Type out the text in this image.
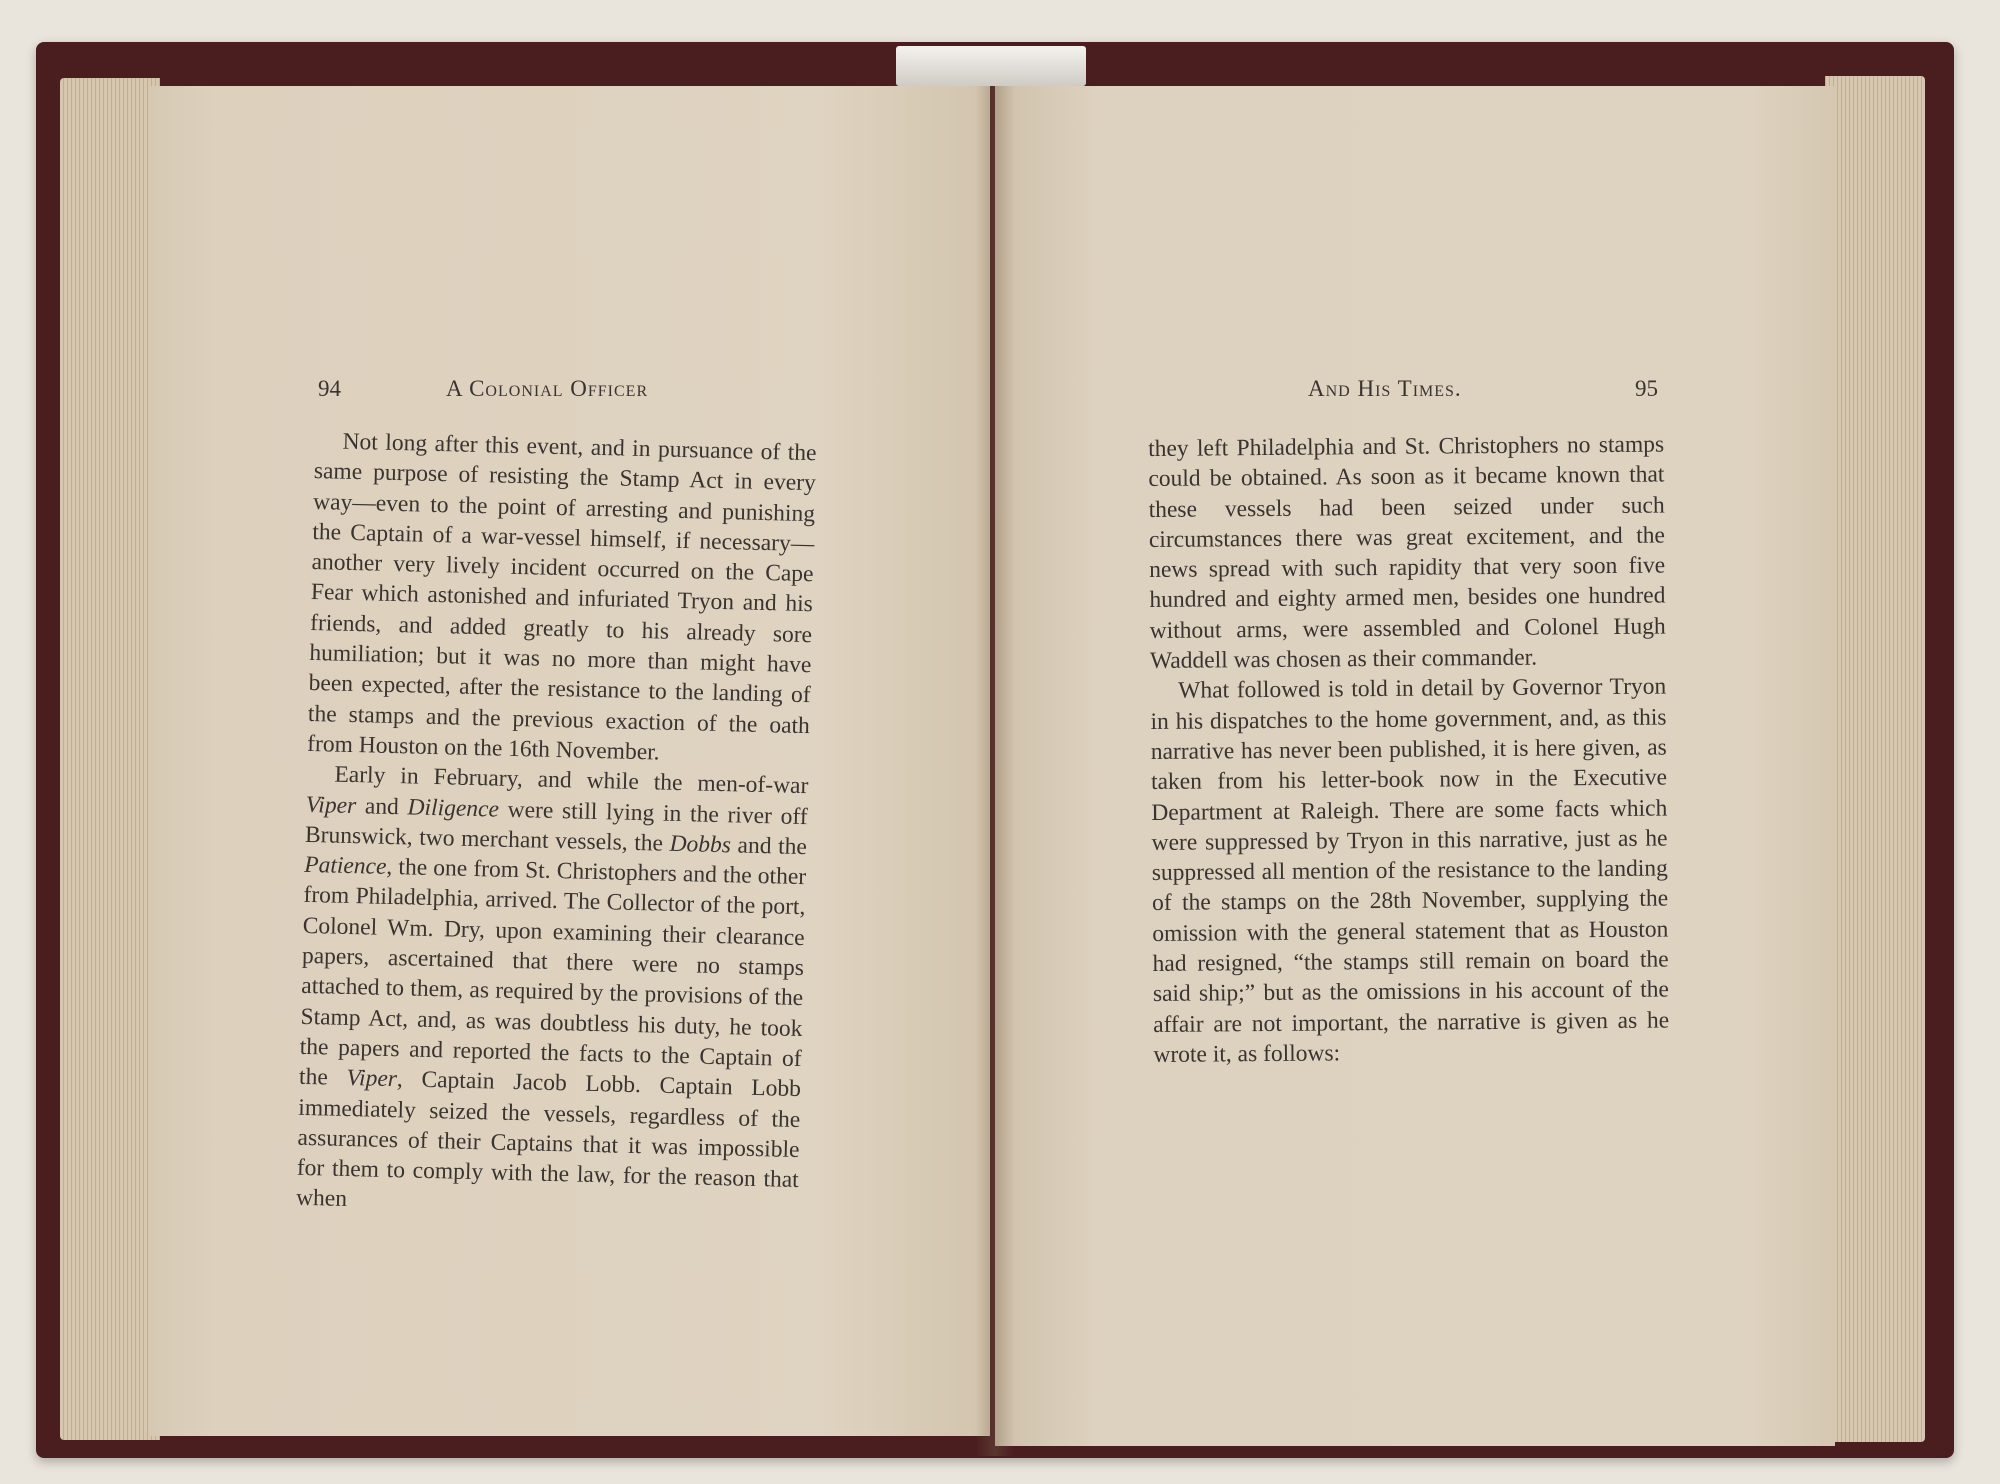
94	A Colonial Officer

Not long after this event, and in pursuance of the same purpose of resisting the Stamp Act in every way—even to the point of arresting and punishing the Captain of a war-vessel himself, if necessary—another very lively incident occurred on the Cape Fear which astonished and infuriated Tryon and his friends, and added greatly to his already sore humiliation; but it was no more than might have been expected, after the resistance to the landing of the stamps and the previous exaction of the oath from Houston on the 16th November.

Early in February, and while the men-of-war Viper and Diligence were still lying in the river off Brunswick, two merchant vessels, the Dobbs and the Patience, the one from St. Christophers and the other from Philadelphia, arrived. The Collector of the port, Colonel Wm. Dry, upon examining their clearance papers, ascertained that there were no stamps attached to them, as required by the provisions of the Stamp Act, and, as was doubtless his duty, he took the papers and reported the facts to the Captain of the Viper, Captain Jacob Lobb. Captain Lobb immediately seized the vessels, regardless of the assurances of their Captains that it was impossible for them to comply with the law, for the reason that when

And His Times.	95

they left Philadelphia and St. Christophers no stamps could be obtained. As soon as it became known that these vessels had been seized under such circumstances there was great excitement, and the news spread with such rapidity that very soon five hundred and eighty armed men, besides one hundred without arms, were assembled and Colonel Hugh Waddell was chosen as their commander.

What followed is told in detail by Governor Tryon in his dispatches to the home government, and, as this narrative has never been published, it is here given, as taken from his letter-book now in the Executive Department at Raleigh. There are some facts which were suppressed by Tryon in this narrative, just as he suppressed all mention of the resistance to the landing of the stamps on the 28th November, supplying the omission with the general statement that as Houston had resigned, “the stamps still remain on board the said ship;” but as the omissions in his account of the affair are not important, the narrative is given as he wrote it, as follows:
